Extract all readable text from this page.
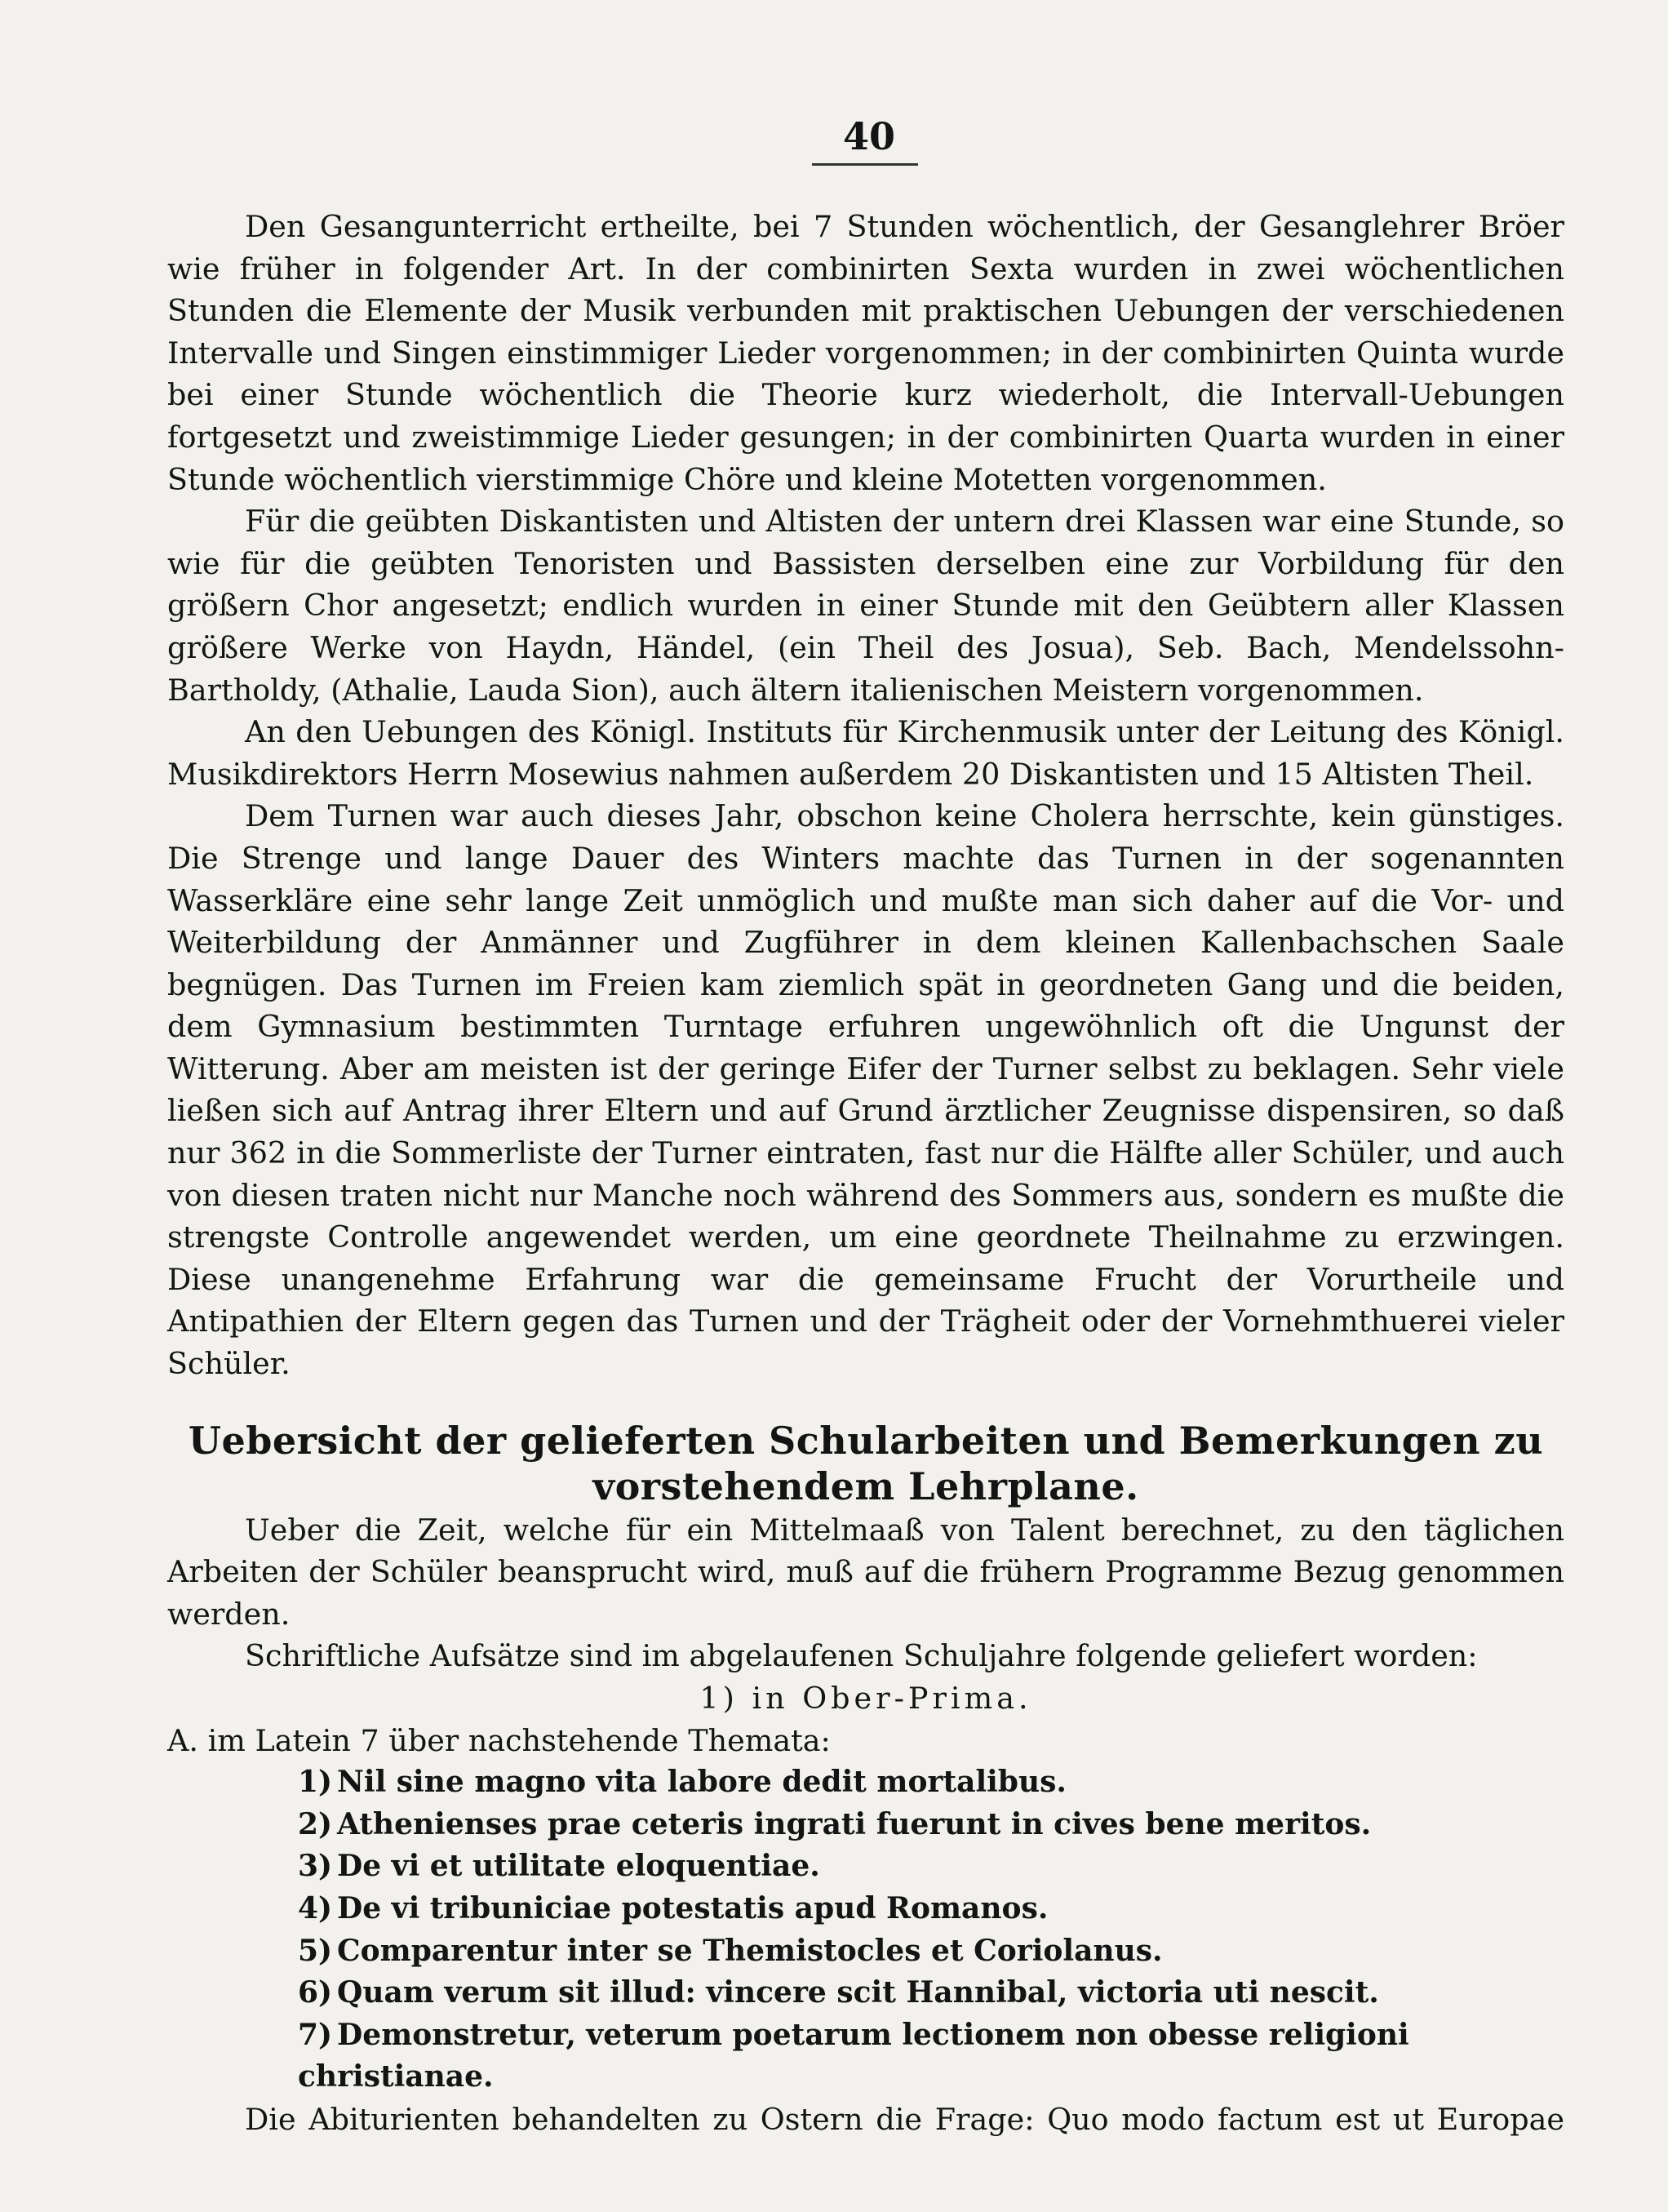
40

Den Gesangunterricht ertheilte, bei 7 Stunden wöchentlich, der Gesanglehrer Bröer wie früher in folgender Art. In der combinirten Sexta wurden in zwei wöchentlichen Stunden die Elemente der Musik verbunden mit praktischen Uebungen der verschiedenen Intervalle und Singen einstimmiger Lieder vorgenommen; in der combinirten Quinta wurde bei einer Stunde wöchentlich die Theorie kurz wiederholt, die Intervall-Uebungen fortgesetzt und zweistimmige Lieder gesungen; in der combinirten Quarta wurden in einer Stunde wöchentlich vierstimmige Chöre und kleine Motetten vorgenommen.

Für die geübten Diskantisten und Altisten der untern drei Klassen war eine Stunde, so wie für die geübten Tenoristen und Bassisten derselben eine zur Vorbildung für den größern Chor angesetzt; endlich wurden in einer Stunde mit den Geübtern aller Klassen größere Werke von Haydn, Händel, (ein Theil des Josua), Seb. Bach, Mendelssohn-Bartholdy, (Athalie, Lauda Sion), auch ältern italienischen Meistern vorgenommen.

An den Uebungen des Königl. Instituts für Kirchenmusik unter der Leitung des Königl. Musikdirektors Herrn Mosewius nahmen außerdem 20 Diskantisten und 15 Altisten Theil.

Dem Turnen war auch dieses Jahr, obschon keine Cholera herrschte, kein günstiges. Die Strenge und lange Dauer des Winters machte das Turnen in der sogenannten Wasserkläre eine sehr lange Zeit unmöglich und mußte man sich daher auf die Vor- und Weiterbildung der Anmänner und Zugführer in dem kleinen Kallenbachschen Saale begnügen. Das Turnen im Freien kam ziemlich spät in geordneten Gang und die beiden, dem Gymnasium bestimmten Turntage erfuhren ungewöhnlich oft die Ungunst der Witterung. Aber am meisten ist der geringe Eifer der Turner selbst zu beklagen. Sehr viele ließen sich auf Antrag ihrer Eltern und auf Grund ärztlicher Zeugnisse dispensiren, so daß nur 362 in die Sommerliste der Turner eintraten, fast nur die Hälfte aller Schüler, und auch von diesen traten nicht nur Manche noch während des Sommers aus, sondern es mußte die strengste Controlle angewendet werden, um eine geordnete Theilnahme zu erzwingen. Diese unangenehme Erfahrung war die gemeinsame Frucht der Vorurtheile und Antipathien der Eltern gegen das Turnen und der Trägheit oder der Vornehmthuerei vieler Schüler.

Uebersicht der gelieferten Schularbeiten und Bemerkungen zu vorstehendem Lehrplane.

Ueber die Zeit, welche für ein Mittelmaaß von Talent berechnet, zu den täglichen Arbeiten der Schüler beansprucht wird, muß auf die frühern Programme Bezug genommen werden.

Schriftliche Aufsätze sind im abgelaufenen Schuljahre folgende geliefert worden:

1) in Ober-Prima.

A. im Latein 7 über nachstehende Themata:

1) Nil sine magno vita labore dedit mortalibus.
2) Athenienses prae ceteris ingrati fuerunt in cives bene meritos.
3) De vi et utilitate eloquentiae.
4) De vi tribuniciae potestatis apud Romanos.
5) Comparentur inter se Themistocles et Coriolanus.
6) Quam verum sit illud: vincere scit Hannibal, victoria uti nescit.
7) Demonstretur, veterum poetarum lectionem non obesse religioni christianae.

Die Abiturienten behandelten zu Ostern die Frage: Quo modo factum est ut Europae
